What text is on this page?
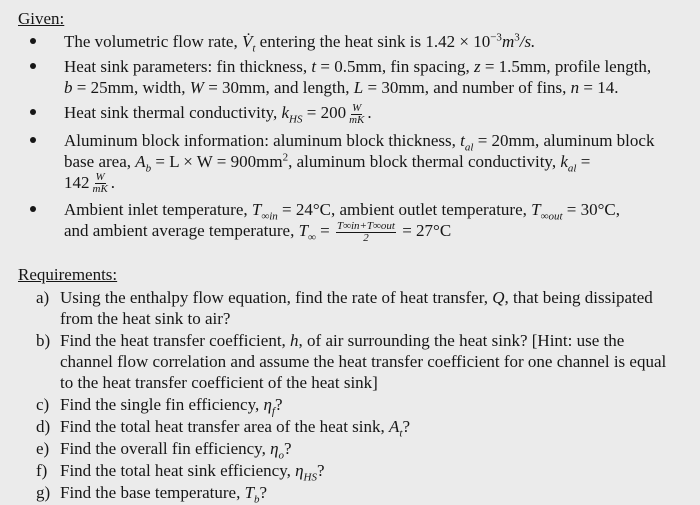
Given:

The volumetric flow rate, $V̇_t$ entering the heat sink is $1.42 \times 10^{-3}m^3/s$.
Heat sink parameters: fin thickness, t = 0.5mm, fin spacing, z = 1.5mm, profile length,
b = 25mm, width, W = 30mm, and length, L = 30mm, and number of fins, n = 14.
Heat sink thermal conductivity, $k_{HS} = 200 \frac{W}{mK}$ .
Aluminum block information: aluminum block thickness, $t_{al} = 20mm$, aluminum block
base area, $A_b = L \times W = 900mm^2$, aluminum block thermal conductivity, $k_{al}$ =
$142 \frac{W}{mK}$ .
Ambient inlet temperature, $T_{\infty in} = 24^\circ C$, ambient outlet temperature, $T_{\infty out} = 30^\circ C$,
and ambient average temperature, $T_\infty = \frac{\text{T∞in+T∞out}}{2} = 27^\circ C$

Requirements:

a) Using the enthalpy flow equation, find the rate of heat transfer, Q, that being dissipated
from the heat sink to air?
b) Find the heat transfer coefficient, h, of air surrounding the heat sink? [Hint: use the
channel flow correlation and assume the heat transfer coefficient for one channel is equal
to the heat transfer coefficient of the heat sink]
c) Find the single fin efficiency, $\eta_f$?
d) Find the total heat transfer area of the heat sink, $A_t$?
e) Find the overall fin efficiency, $\eta_o$?
f) Find the total heat sink efficiency, $\eta_{HS}$?
g) Find the base temperature, $T_b$?
